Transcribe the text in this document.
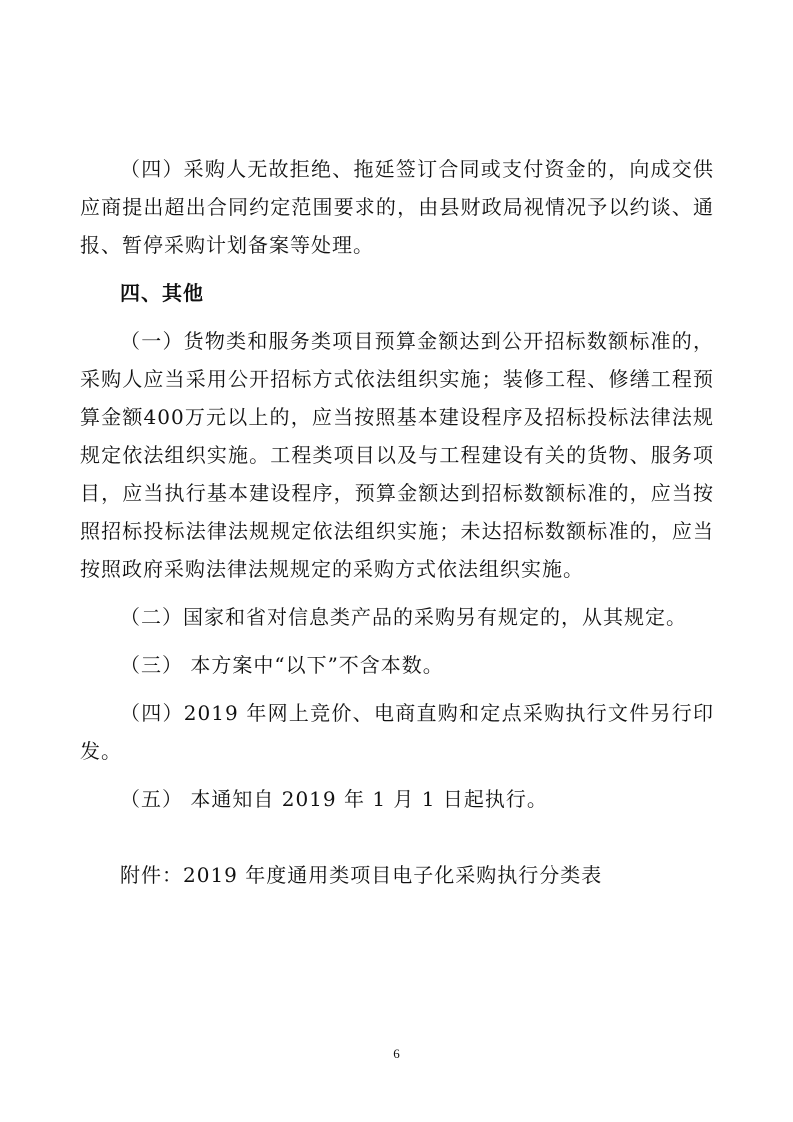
（四）采购人无故拒绝、拖延签订合同或支付资金的，向成交供应商提出超出合同约定范围要求的，由县财政局视情况予以约谈、通报、暂停采购计划备案等处理。

四、其他

（一）货物类和服务类项目预算金额达到公开招标数额标准的，采购人应当采用公开招标方式依法组织实施；装修工程、修缮工程预算金额400万元以上的，应当按照基本建设程序及招标投标法律法规规定依法组织实施。工程类项目以及与工程建设有关的货物、服务项目，应当执行基本建设程序，预算金额达到招标数额标准的，应当按照招标投标法律法规规定依法组织实施；未达招标数额标准的，应当按照政府采购法律法规规定的采购方式依法组织实施。

（二）国家和省对信息类产品的采购另有规定的，从其规定。

（三） 本方案中“以下”不含本数。

（四）2019 年网上竞价、电商直购和定点采购执行文件另行印发。

（五） 本通知自 2019 年 1 月 1 日起执行。

附件：2019 年度通用类项目电子化采购执行分类表

6
